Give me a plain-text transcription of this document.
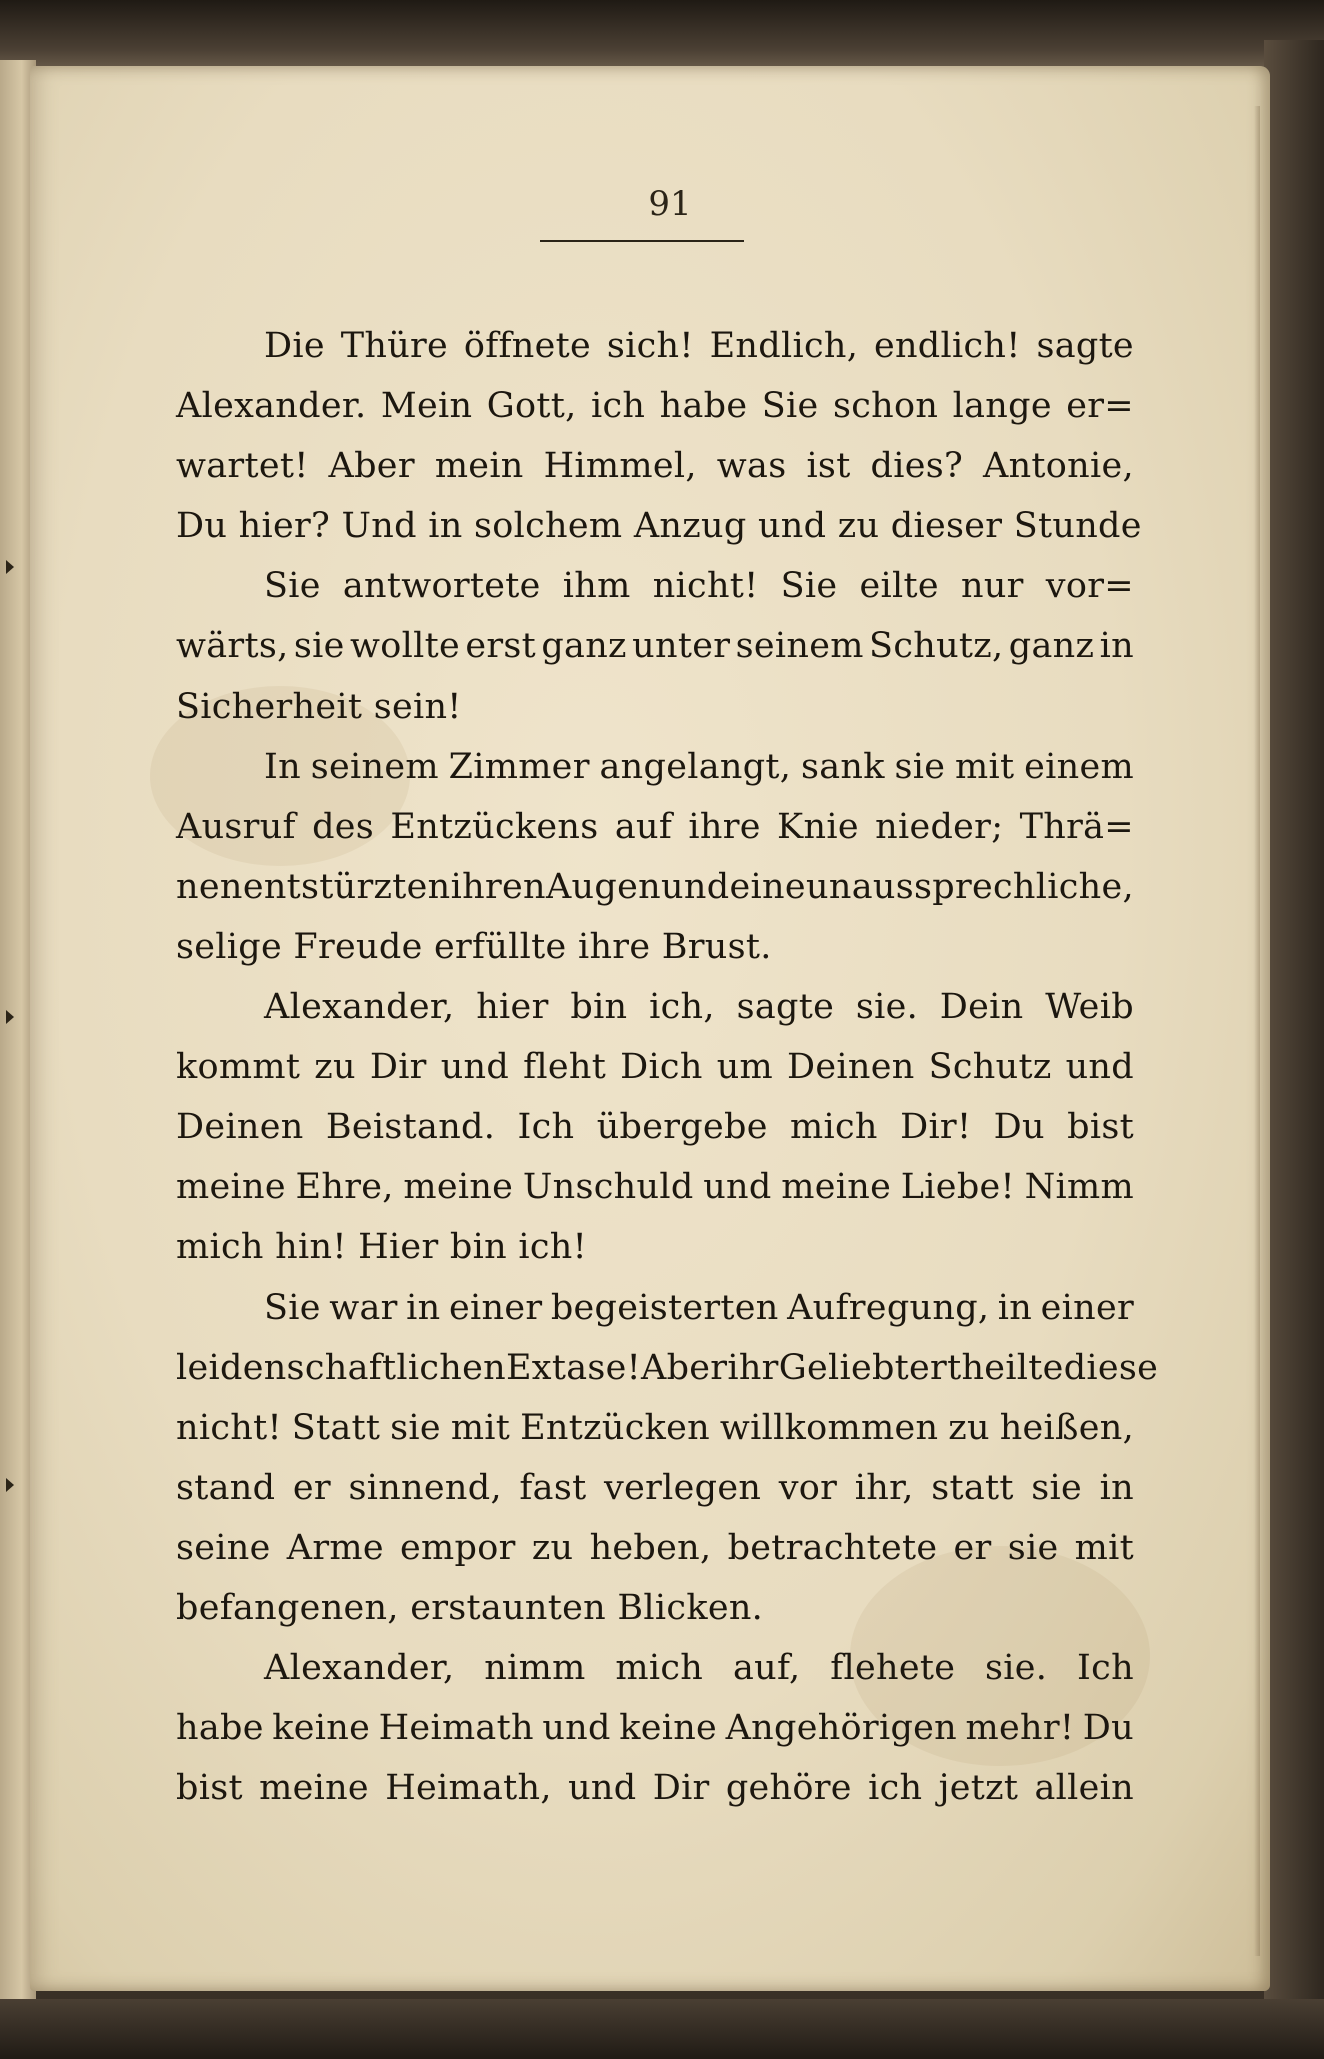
91
Die Thüre öffnete sich! Endlich, endlich! sagte
Alexander. Mein Gott, ich habe Sie schon lange er=
wartet! Aber mein Himmel, was ist dies? Antonie,
Du hier? Und in solchem Anzug und zu dieser Stunde
Sie antwortete ihm nicht! Sie eilte nur vor=
wärts, sie wollte erst ganz unter seinem Schutz, ganz in
Sicherheit sein!
In seinem Zimmer angelangt, sank sie mit einem
Ausruf des Entzückens auf ihre Knie nieder; Thrä=
nen entstürzten ihren Augen und eine unaussprechliche,
selige Freude erfüllte ihre Brust.
Alexander, hier bin ich, sagte sie. Dein Weib
kommt zu Dir und fleht Dich um Deinen Schutz und
Deinen Beistand. Ich übergebe mich Dir! Du bist
meine Ehre, meine Unschuld und meine Liebe! Nimm
mich hin! Hier bin ich!
Sie war in einer begeisterten Aufregung, in einer
leidenschaftlichen Extase! Aber ihr Geliebter theilte diese
nicht! Statt sie mit Entzücken willkommen zu heißen,
stand er sinnend, fast verlegen vor ihr, statt sie in
seine Arme empor zu heben, betrachtete er sie mit
befangenen, erstaunten Blicken.
Alexander, nimm mich auf, flehete sie. Ich
habe keine Heimath und keine Angehörigen mehr! Du
bist meine Heimath, und Dir gehöre ich jetzt allein
